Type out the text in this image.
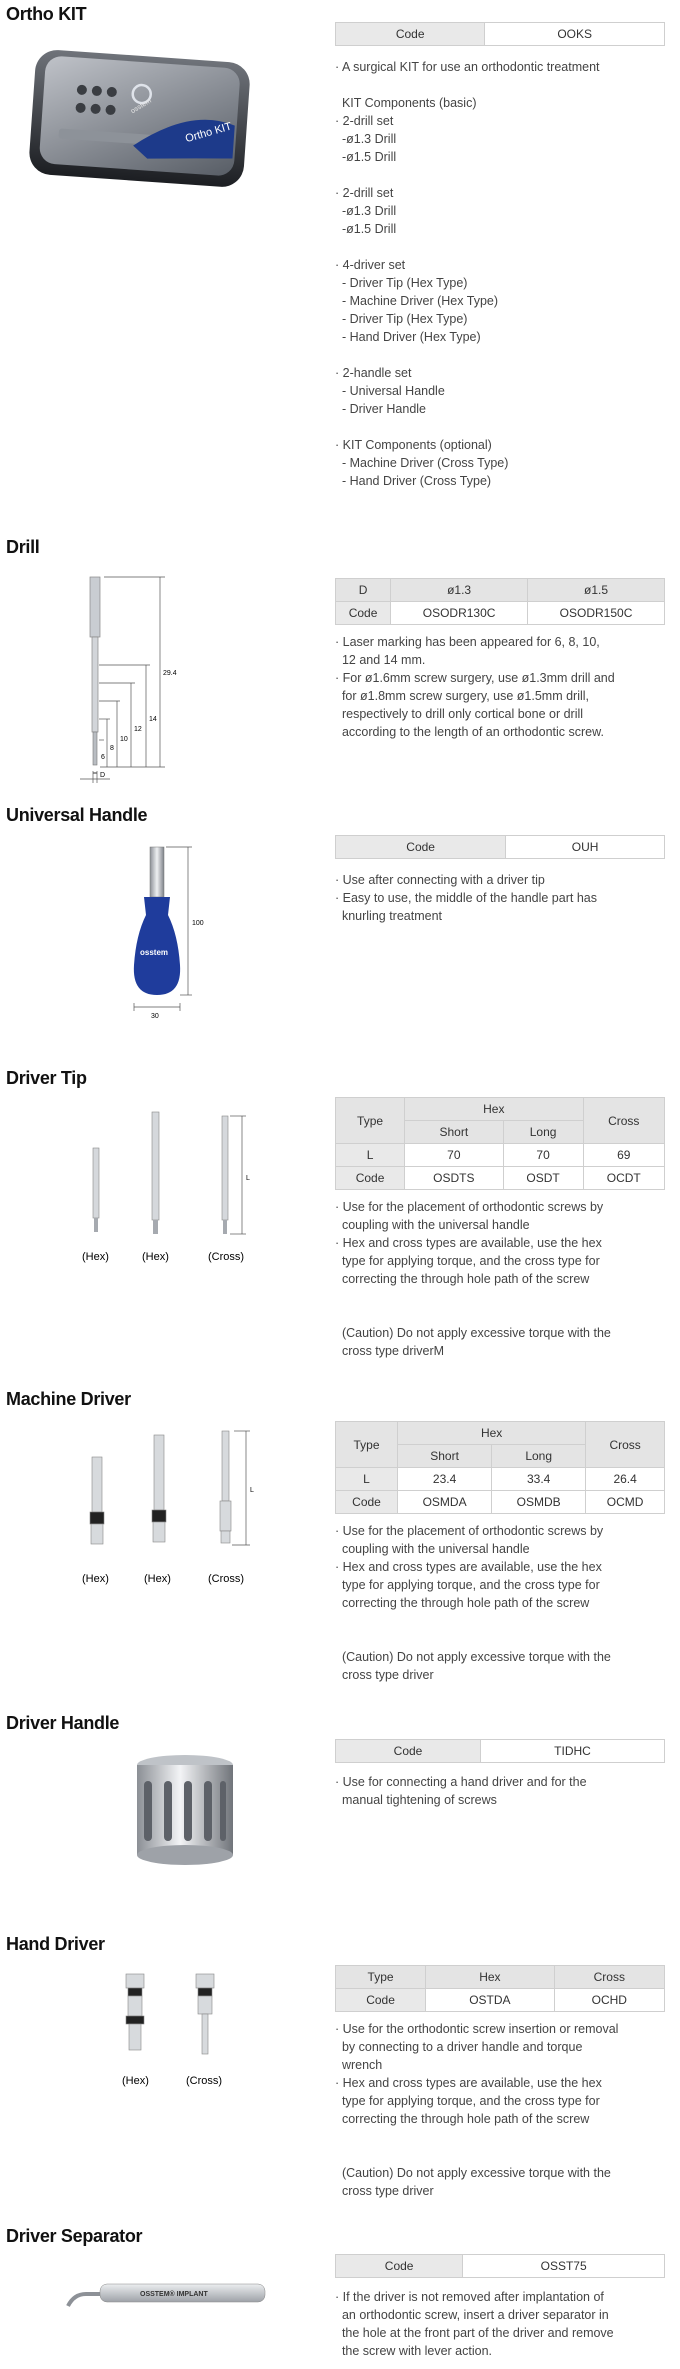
Ortho KIT
osstem
Ortho KIT
Code	OOKS

· A surgical KIT for use an orthodontic treatment

KIT Components (basic)

· 2-drill set

-ø1.3 Drill

-ø1.5 Drill

· 2-drill set

-ø1.3 Drill

-ø1.5 Drill

· 4-driver set

- Driver Tip (Hex Type)

- Machine Driver (Hex Type)

- Driver Tip (Hex Type)

- Hand Driver (Hex Type)

· 2-handle set

- Universal Handle

- Driver Handle

· KIT Components (optional)

- Machine Driver (Cross Type)

- Hand Driver (Cross Type)

Drill
29.4
14
12
10
8
6
D
D	ø1.3	ø1.5
Code	OSODR130C	OSODR150C

· Laser marking has been appeared for 6, 8, 10,

12 and 14 mm.

· For ø1.6mm screw surgery, use ø1.3mm drill and

for ø1.8mm screw surgery, use ø1.5mm drill,

respectively to drill only cortical bone or drill

according to the length of an orthodontic screw.

Universal Handle
osstem
100
30
Code	OUH

· Use after connecting with a driver tip

· Easy to use, the middle of the handle part has

knurling treatment

Driver Tip
L
(Hex)	(Hex)	(Cross)
Type	Hex		Cross
	Short	Long	
L	70	70	69
Code	OSDTS	OSDT	OCDT

· Use for the placement of orthodontic screws by

coupling with the universal handle

· Hex and cross types are available, use the hex

type for applying torque, and the cross type for

correcting the through hole path of the screw

(Caution) Do not apply excessive torque with the

cross type driverM

Machine Driver
L
(Hex)	(Hex)	(Cross)
Type	Hex		Cross
	Short	Long	
L	23.4	33.4	26.4
Code	OSMDA	OSMDB	OCMD

· Use for the placement of orthodontic screws by

coupling with the universal handle

· Hex and cross types are available, use the hex

type for applying torque, and the cross type for

correcting the through hole path of the screw

(Caution) Do not apply excessive torque with the

cross type driver

Driver Handle
Code	TIDHC

· Use for connecting a hand driver and for the

manual tightening of screws

Hand Driver
(Hex)	(Cross)
Type	Hex	Cross
Code	OSTDA	OCHD

· Use for the orthodontic screw insertion or removal

by connecting to a driver handle and torque

wrench

· Hex and cross types are available, use the hex

type for applying torque, and the cross type for

correcting the through hole path of the screw

(Caution) Do not apply excessive torque with the

cross type driver

Driver Separator
OSSTEM® IMPLANT
Code	OSST75

· If the driver is not removed after implantation of

an orthodontic screw, insert a driver separator in

the hole at the front part of the driver and remove

the screw with lever action.
